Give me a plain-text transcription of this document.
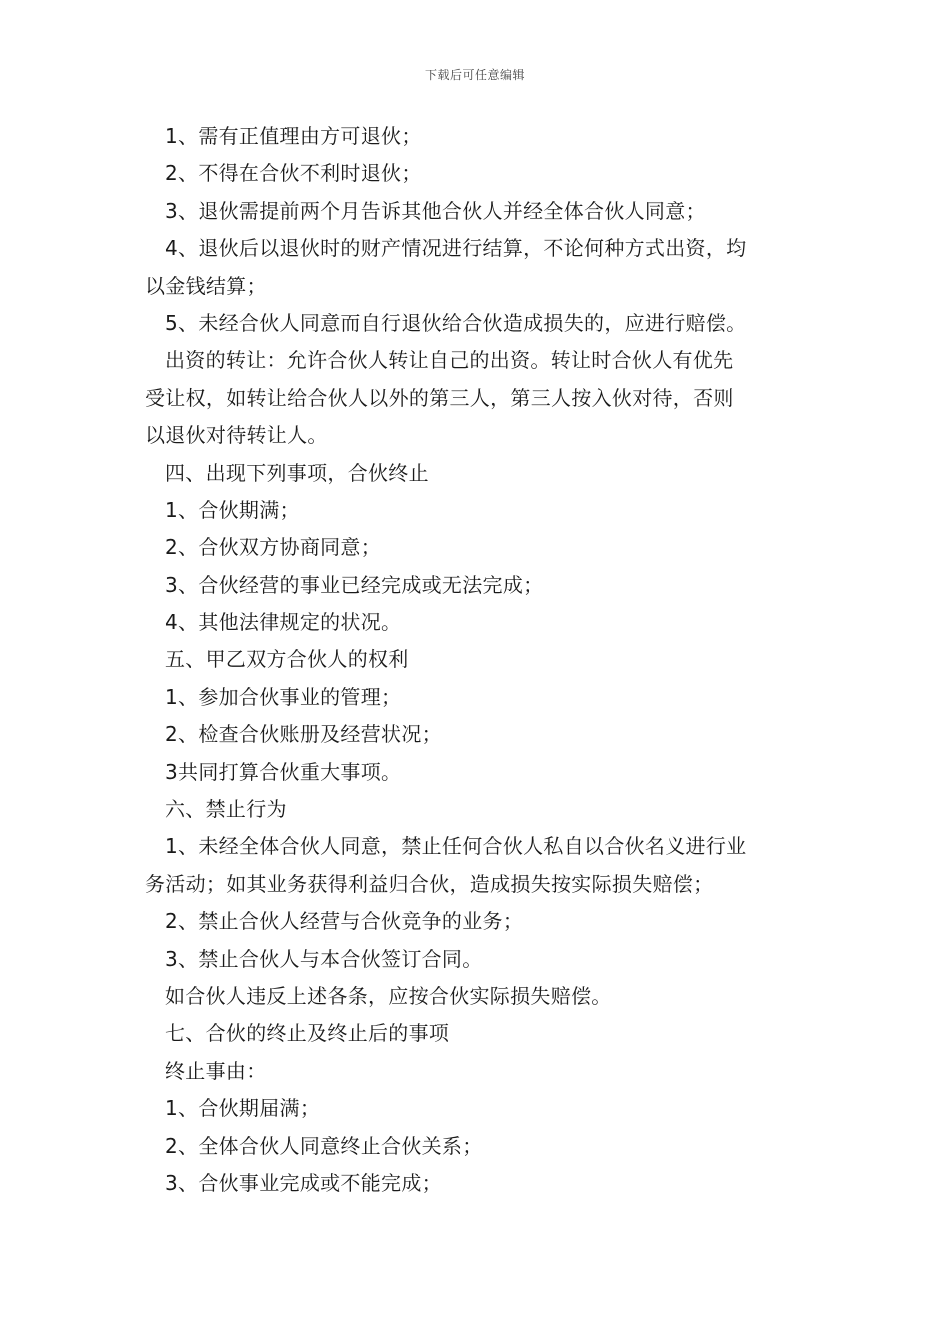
下载后可任意编辑
1、需有正值理由方可退伙；
2、不得在合伙不利时退伙；
3、退伙需提前两个月告诉其他合伙人并经全体合伙人同意；
4、退伙后以退伙时的财产情况进行结算，不论何种方式出资，均
以金钱结算；
5、未经合伙人同意而自行退伙给合伙造成损失的，应进行赔偿。
出资的转让：允许合伙人转让自己的出资。转让时合伙人有优先
受让权，如转让给合伙人以外的第三人，第三人按入伙对待，否则
以退伙对待转让人。
四、出现下列事项，合伙终止
1、合伙期满；
2、合伙双方协商同意；
3、合伙经营的事业已经完成或无法完成；
4、其他法律规定的状况。
五、甲乙双方合伙人的权利
1、参加合伙事业的管理；
2、检查合伙账册及经营状况；
3共同打算合伙重大事项。
六、禁止行为
1、未经全体合伙人同意，禁止任何合伙人私自以合伙名义进行业
务活动；如其业务获得利益归合伙，造成损失按实际损失赔偿；
2、禁止合伙人经营与合伙竞争的业务；
3、禁止合伙人与本合伙签订合同。
如合伙人违反上述各条，应按合伙实际损失赔偿。
七、合伙的终止及终止后的事项
终止事由：
1、合伙期届满；
2、全体合伙人同意终止合伙关系；
3、合伙事业完成或不能完成；
